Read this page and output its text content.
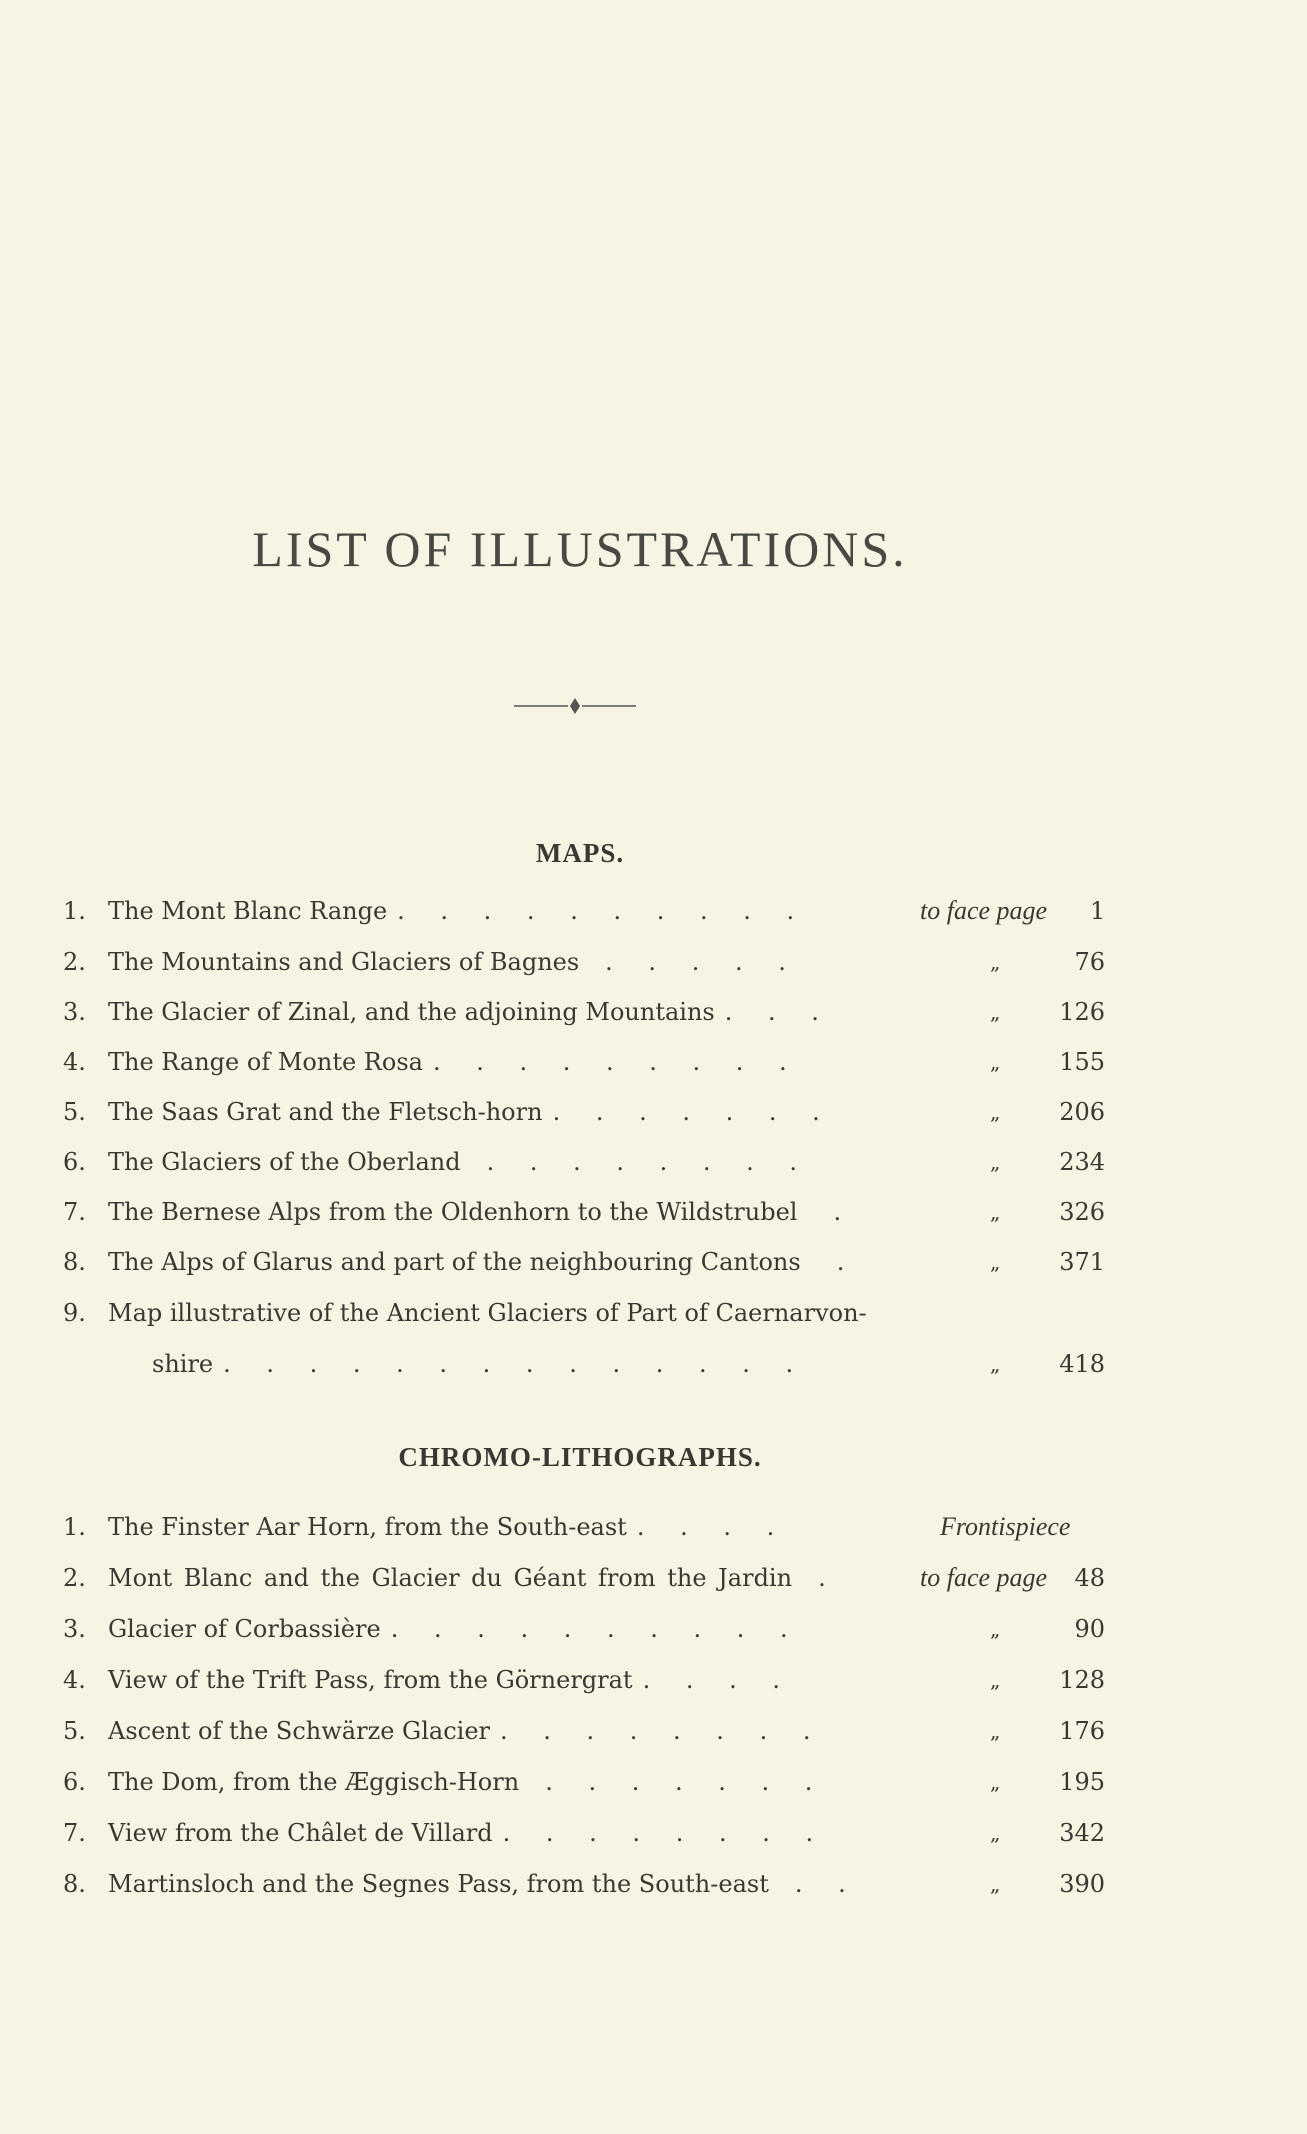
LIST OF ILLUSTRATIONS.
MAPS.
1. The Mont Blanc Range . . . . . . . . . .	to face page 1
2. The Mountains and Glaciers of Bagnes . . . . .	„	76
3. The Glacier of Zinal, and the adjoining Mountains . . .	„	126
4. The Range of Monte Rosa . . . . . . . . .	„	155
5. The Saas Grat and the Fletsch-horn . . . . . . .	„	206
6. The Glaciers of the Oberland . . . . . . . .	„	234
7. The Bernese Alps from the Oldenhorn to the Wildstrubel .	„	326
8. The Alps of Glarus and part of the neighbouring Cantons .	„	371
9. Map illustrative of the Ancient Glaciers of Part of Caernarvon-
shire . . . . . . . . . . . . . .	„	418
CHROMO-LITHOGRAPHS.
1. The Finster Aar Horn, from the South-east . . . .	Frontispiece
2. Mont Blanc and the Glacier du Géant from the Jardin .	to face page	48
3. Glacier of Corbassière . . . . . . . . . .	„	90
4. View of the Trift Pass, from the Görnergrat . . . .	„	128
5. Ascent of the Schwärze Glacier . . . . . . . .	„	176
6. The Dom, from the Æggisch-Horn . . . . . . .	„	195
7. View from the Châlet de Villard . . . . . . . .	„	342
8. Martinsloch and the Segnes Pass, from the South-east . .	„	390
